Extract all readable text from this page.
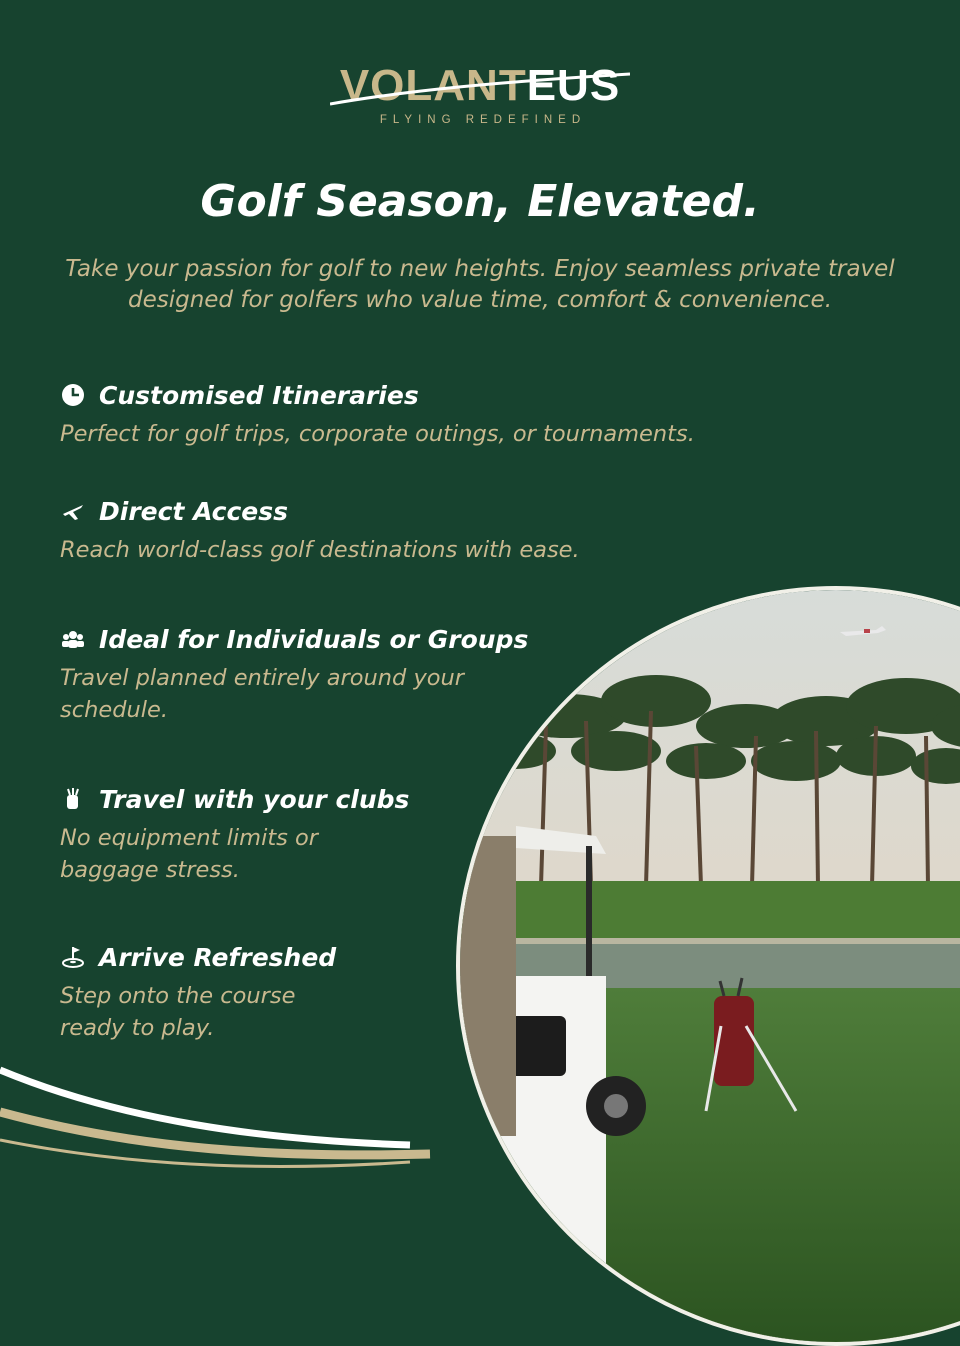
VOLANTEUS
FLYING REDEFINED
Golf Season, Elevated.
Take your passion for golf to new heights. Enjoy seamless private travel designed for golfers who value time, comfort & convenience.
Customised Itineraries
Perfect for golf trips, corporate outings, or tournaments.
Direct Access
Reach world-class golf destinations with ease.
Ideal for Individuals or Groups
Travel planned entirely around your schedule.
Travel with your clubs
No equipment limits or baggage stress.
Arrive Refreshed
Step onto the course ready to play.
